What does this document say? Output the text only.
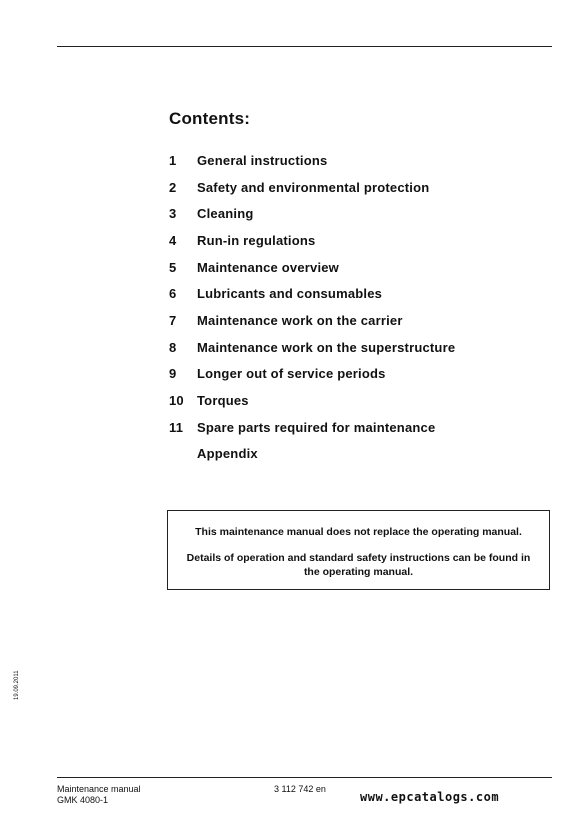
Contents:
1	General instructions
2	Safety and environmental protection
3	Cleaning
4	Run-in regulations
5	Maintenance overview
6	Lubricants and consumables
7	Maintenance work on the carrier
8	Maintenance work on the superstructure
9	Longer out of service periods
10	Torques
11	Spare parts required for maintenance
Appendix

This maintenance manual does not replace the operating manual.

Details of operation and standard safety instructions can be found in the operating manual.

19.09.2011
Maintenance manual
GMK 4080-1
3 112 742 en
www.epcatalogs.com
